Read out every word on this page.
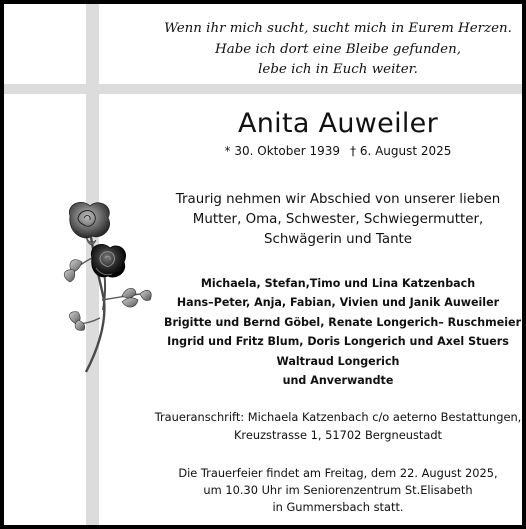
Wenn ihr mich sucht, sucht mich in Eurem Herzen.
Habe ich dort eine Bleibe gefunden,
lebe ich in Euch weiter.
Anita Auweiler
* 30. Oktober 1939 † 6. August 2025
Traurig nehmen wir Abschied von unserer lieben
Mutter, Oma, Schwester, Schwiegermutter,
Schwägerin und Tante
Michaela, Stefan,Timo und Lina Katzenbach
Hans–Peter, Anja, Fabian, Vivien und Janik Auweiler
Brigitte und Bernd Göbel, Renate Longerich– Ruschmeier
Ingrid und Fritz Blum, Doris Longerich und Axel Stuers
Waltraud Longerich
und Anverwandte
Traueranschrift: Michaela Katzenbach c/o aeterno Bestattungen,
Kreuzstrasse 1, 51702 Bergneustadt
Die Trauerfeier findet am Freitag, dem 22. August 2025,
um 10.30 Uhr im Seniorenzentrum St.Elisabeth
in Gummersbach statt.
